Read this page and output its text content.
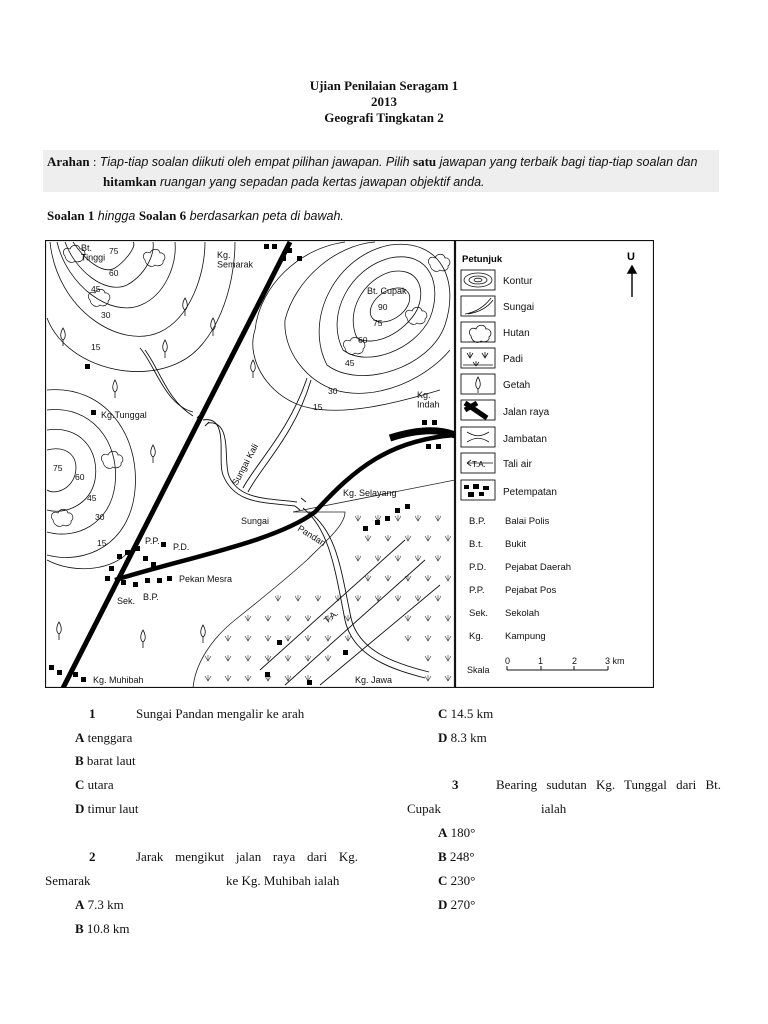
Ujian Penilaian Seragam 1
2013
Geografi Tingkatan 2
Arahan : Tiap-tiap soalan diikuti oleh empat pilihan jawapan. Pilih satu jawapan yang terbaik bagi tiap-tiap soalan dan
hitamkan ruangan yang sepadan pada kertas jawapan objektif anda.
Soalan 1 hingga Soalan 6 berdasarkan peta di bawah.
Bt. Tinggi	Kg. Semarak
Bt. Cupak
Kg.Tunggal
Kg. Indah
Sungai Kali
Kg. Selayang
Sungai
Pandan
P.P.
P.D.
Pekan Mesra
Sek. B.P.
Kg. Muhibah	Kg. Jawa
T.A.
75
60
45
30
15
90
75
60
45
30
15
75
60
45
30
15
Petunjuk	U
T.A.
Kontur
Sungai
Hutan
Padi
Getah
Jalan raya
Jambatan
Tali air
Petempatan
B.P. Balai Polis
B.t. Bukit
P.D. Pejabat Daerah
P.P. Pejabat Pos
Sek. Sekolah
Kg. Kampung
Skala
0	1	2	3 km
1	Sungai Pandan mengalir ke arah
A tenggara
B barat laut
C utara
D timur laut
2	Jarak mengikut jalan raya dari Kg.
Semarak	ke Kg. Muhibah ialah
A 7.3 km
B 10.8 km
C 14.5 km
D 8.3 km
3	Bearing sudutan Kg. Tunggal dari Bt.
Cupak	ialah
A 180°
B 248°
C 230°
D 270°
